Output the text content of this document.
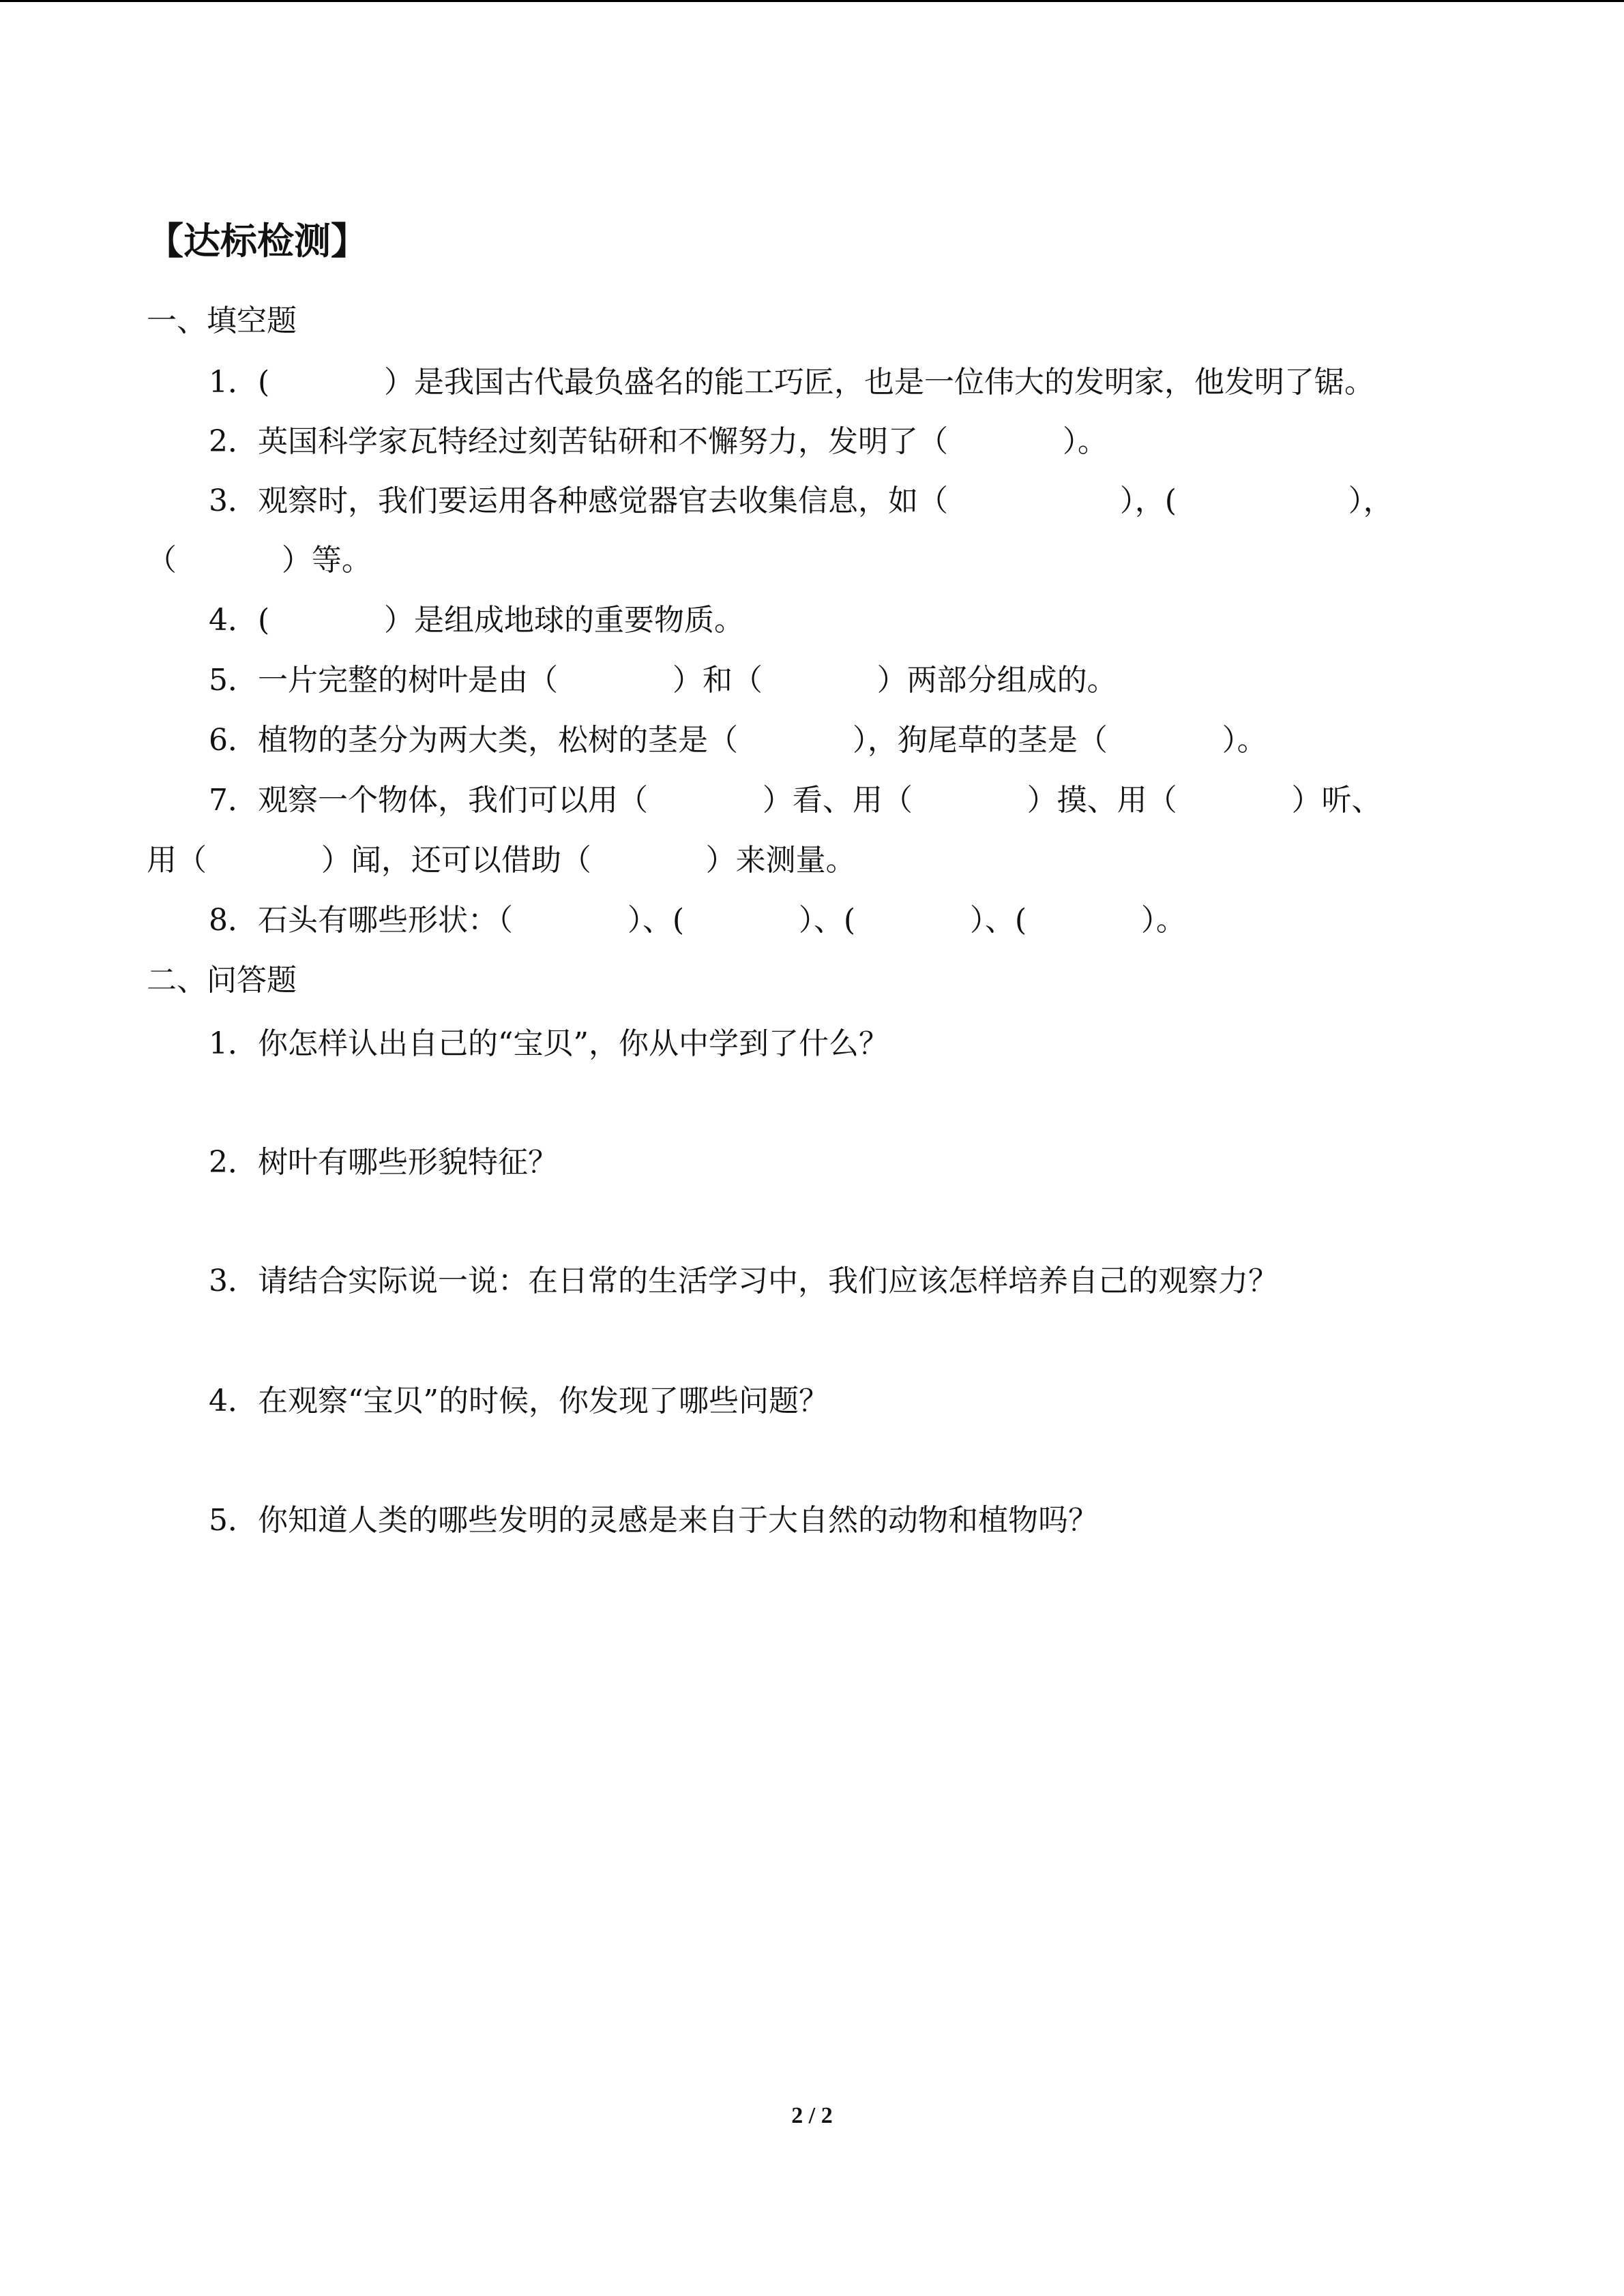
【达标检测】
一、填空题
1．(            ）是我国古代最负盛名的能工巧匠，也是一位伟大的发明家，他发明了锯。
2．英国科学家瓦特经过刻苦钻研和不懈努力，发明了（            ）。
3．观察时，我们要运用各种感觉器官去收集信息，如（                  ），(                  ），
（           ）等。
4．(            ）是组成地球的重要物质。
5．一片完整的树叶是由（            ）和（            ）两部分组成的。
6．植物的茎分为两大类，松树的茎是（            ），狗尾草的茎是（            ）。
7．观察一个物体，我们可以用（            ）看、用（            ）摸、用（            ）听、
用（            ）闻，还可以借助（            ）来测量。
8．石头有哪些形状：（            ）、(            ）、(            ）、(            ）。
二、问答题
1．你怎样认出自己的“宝贝”，你从中学到了什么？
2．树叶有哪些形貌特征？
3．请结合实际说一说：在日常的生活学习中，我们应该怎样培养自己的观察力？
4．在观察“宝贝”的时候，你发现了哪些问题？
5．你知道人类的哪些发明的灵感是来自于大自然的动物和植物吗？
2 / 2
